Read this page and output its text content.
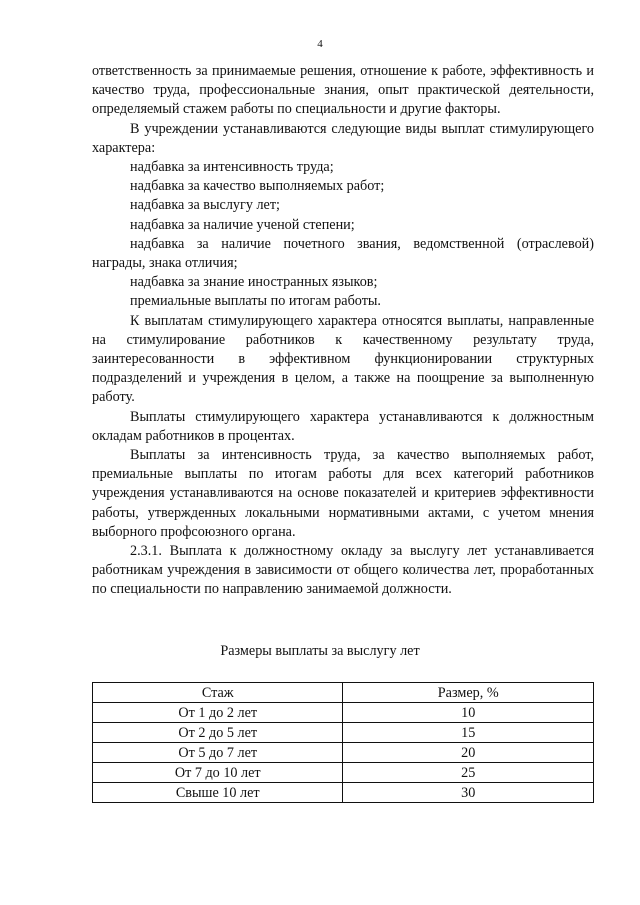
4

ответственность за принимаемые решения, отношение к работе, эффективность и качество труда, профессиональные знания, опыт практической деятельности, определяемый стажем работы по специальности и другие факторы.

В учреждении устанавливаются следующие виды выплат стимулирующего характера:

надбавка за интенсивность труда;

надбавка за качество выполняемых работ;

надбавка за выслугу лет;

надбавка за наличие ученой степени;

надбавка за наличие почетного звания, ведомственной (отраслевой) награды, знака отличия;

надбавка за знание иностранных языков;

премиальные выплаты по итогам работы.

К выплатам стимулирующего характера относятся выплаты, направленные на стимулирование работников к качественному результату труда, заинтересованности в эффективном функционировании структурных подразделений и учреждения в целом, а также на поощрение за выполненную работу.

Выплаты стимулирующего характера устанавливаются к должностным окладам работников в процентах.

Выплаты за интенсивность труда, за качество выполняемых работ, премиальные выплаты по итогам работы для всех категорий работников учреждения устанавливаются на основе показателей и критериев эффективности работы, утвержденных локальными нормативными актами, с учетом мнения выборного профсоюзного органа.

2.3.1. Выплата к должностному окладу за выслугу лет устанавливается работникам учреждения в зависимости от общего количества лет, проработанных по специальности по направлению занимаемой должности.

Размеры выплаты за выслугу лет
Стаж	Размер, %
От 1 до 2 лет	10
От 2 до 5 лет	15
От 5 до 7 лет	20
От 7 до 10 лет	25
Свыше 10 лет	30
